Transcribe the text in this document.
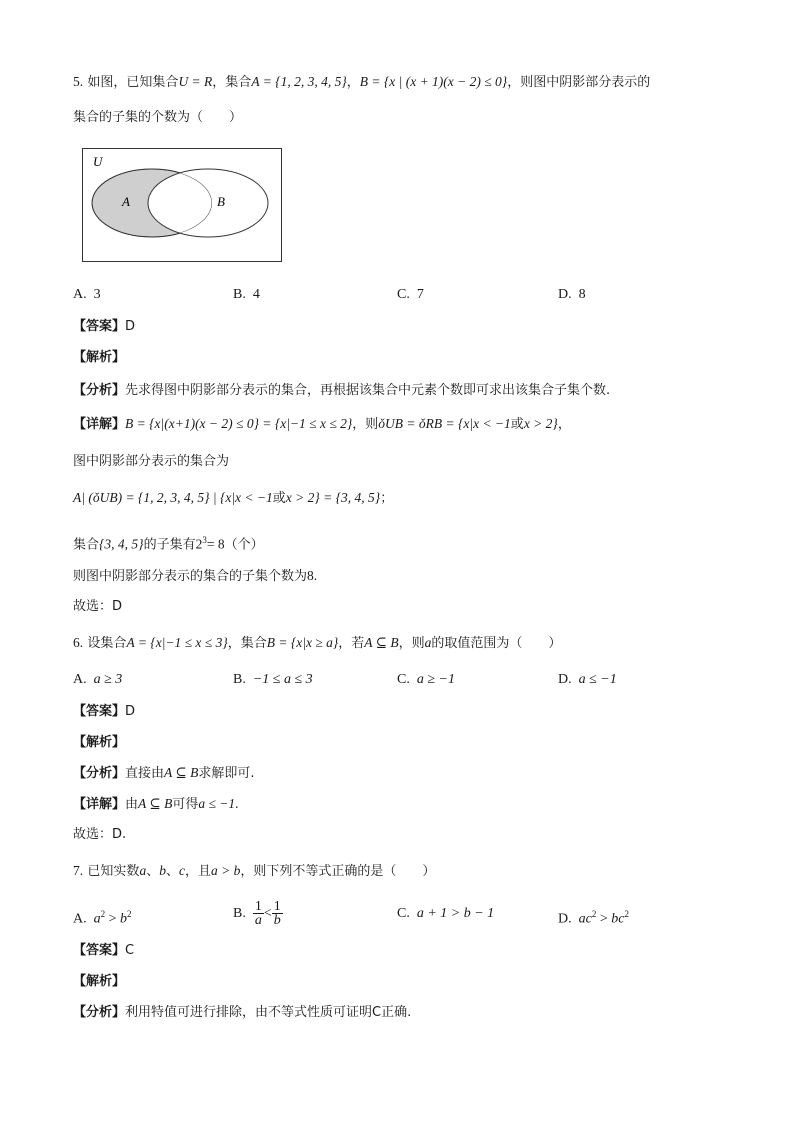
5. 如图，已知集合U = R，集合A = {1, 2, 3, 4, 5}，B = {x | (x + 1)(x − 2) ≤ 0}，则图中阴影部分表示的
集合的子集的个数为（　　）
U
A	B
A. 3	B. 4	C. 7	D. 8
【答案】D
【解析】
【分析】先求得图中阴影部分表示的集合，再根据该集合中元素个数即可求出该集合子集个数.
【详解】B = {x|(x+1)(x − 2) ≤ 0} = {x|−1 ≤ x ≤ 2}，则ǒUB = ǒRB = {x|x < −1或x > 2}，
图中阴影部分表示的集合为
A| (ǒUB) = {1, 2, 3, 4, 5} | {x|x < −1或x > 2} = {3, 4, 5}；
集合{3, 4, 5}的子集有$2^3= 8$（个）
则图中阴影部分表示的集合的子集个数为8.
故选：D
6. 设集合A = {x|−1 ≤ x ≤ 3}，集合B = {x|x ≥ a}，若A ⊆ B，则a的取值范围为（　　）
A. a ≥ 3	B. −1 ≤ a ≤ 3	C. a ≥ −1	D. a ≤ −1
【答案】D
【解析】
【分析】直接由A ⊆ B求解即可.
【详解】由A ⊆ B可得a ≤ −1.
故选：D.
7. 已知实数a、b、c，且a > b，则下列不等式正确的是（　　）
A. $a^2 > b^2$	B. $\frac{1}{a} < \frac{1}{b}$	C. a + 1 > b − 1	D. $ac^2 > bc^2$
【答案】C
【解析】
【分析】利用特值可进行排除，由不等式性质可证明C正确.
